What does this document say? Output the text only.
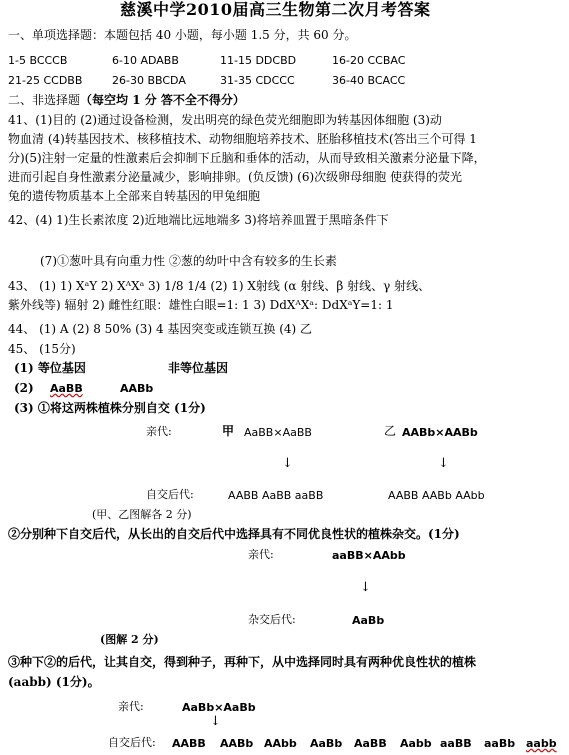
慈溪中学2010届高三生物第二次月考答案
一、单项选择题：本题包括 40 小题，每小题 1.5 分，共 60 分。
1-5 BCCCB	6-10 ADABB	11-15 DDCBD	16-20 CCBAC
21-25 CCDBB	26-30 BBCDA	31-35 CDCCC	36-40 BCACC
二、非选择题（每空均 1 分 答不全不得分）
41、(1)目的 (2)通过设备检测，发出明亮的绿色荧光细胞即为转基因体细胞 (3)动
物血清 (4)转基因技术、核移植技术、动物细胞培养技术、胚胎移植技术(答出三个可得 1
分)(5)注射一定量的性激素后会抑制下丘脑和垂体的活动，从而导致相关激素分泌量下降，
进而引起自身性激素分泌量减少，影响排卵。(负反馈) (6)次级卵母细胞 使获得的荧光
兔的遗传物质基本上全部来自转基因的甲兔细胞
42、(4) 1)生长素浓度 2)近地端比远地端多 3)将培养皿置于黑暗条件下
(7)①葱叶具有向重力性 ②葱的幼叶中含有较多的生长素
43、 (1) 1) XᵃY 2) XᴬXᵃ 3) 1/8 1/4 (2) 1) X射线 (α 射线、β 射线、γ 射线、
紫外线等) 辐射 2) 雌性红眼：雄性白眼=1: 1 3) DdXᴬXᵃ: DdXᵃY=1: 1
44、 (1) A (2) 8 50% (3) 4 基因突变或连锁互换 (4) 乙
45、 (15分)
(1) 等位基因	非等位基因
(2) AaBB	AABb
(3) ①将这两株植株分别自交 (1分)
亲代:	甲 AaBB×AaBB	乙 AABb×AABb
↓	↓
自交后代:	AABB AaBB aaBB	AABB AABb AAbb
(甲、乙图解各 2 分)
②分别种下自交后代，从长出的自交后代中选择具有不同优良性状的植株杂交。(1分)
亲代:	aaBB×AAbb
↓
杂交后代:	AaBb
(图解 2 分)
③种下②的后代，让其自交，得到种子，再种下，从中选择同时具有两种优良性状的植株
(aabb) (1分)。
亲代:	AaBb×AaBb
↓
自交后代: AABB AABb AAbb AaBb AaBB Aabb aaBB aaBb aabb
